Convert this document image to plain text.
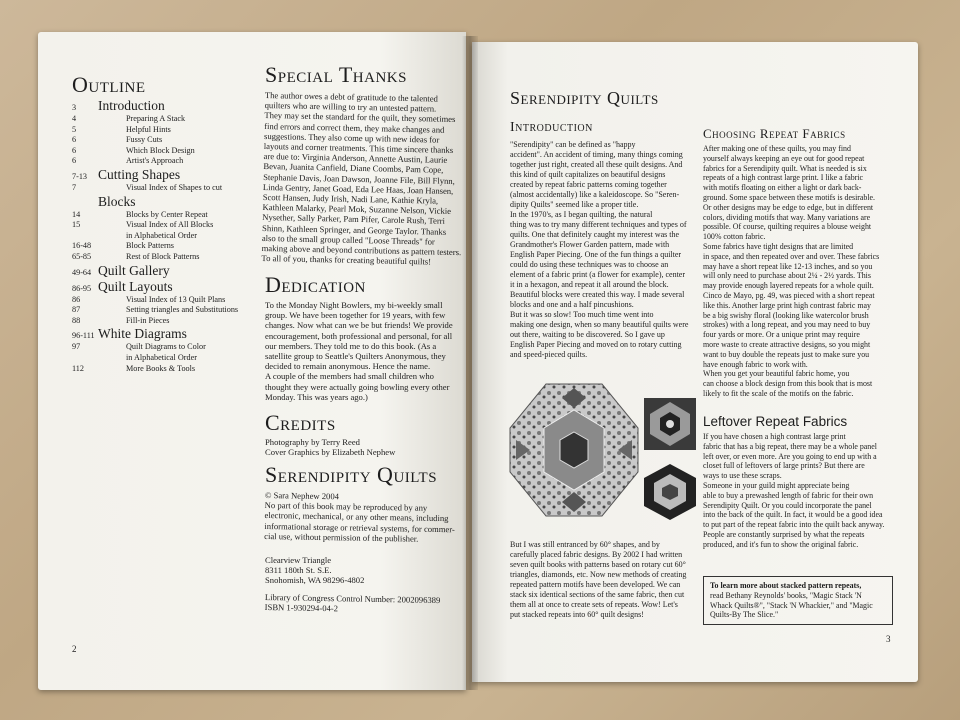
Outline
3 Introduction
4	Preparing A Stack
5	Helpful Hints
6	Fussy Cuts
6	Which Block Design
6	Artist's Approach
7-13 Cutting Shapes
7	Visual Index of Shapes to cut
Blocks
14	Blocks by Center Repeat
15	Visual Index of All Blocks
in Alphabetical Order
16-48	Block Patterns
65-85	Rest of Block Patterns
49-64 Quilt Gallery
86-95 Quilt Layouts
86	Visual Index of 13 Quilt Plans
87	Setting triangles and Substitutions
88	Fill-in Pieces
96-111 White Diagrams
97	Quilt Diagrams to Color
in Alphabetical Order
112	More Books & Tools
Special Thanks
The author owes a debt of gratitude to the talented
quilters who are willing to try an untested pattern.
They may set the standard for the quilt, they sometimes
find errors and correct them, they make changes and
suggestions. They also come up with new ideas for
layouts and corner treatments. This time sincere thanks
are due to: Virginia Anderson, Annette Austin, Laurie
Bevan, Juanita Canfield, Diane Coombs, Pam Cope,
Stephanie Davis, Joan Dawson, Joanne File, Bill Flynn,
Linda Gentry, Janet Goad, Eda Lee Haas, Joan Hansen,
Scott Hansen, Judy Irish, Nadi Lane, Kathie Kryla,
Kathleen Malarky, Pearl Mok, Suzanne Nelson, Vickie
Nysether, Sally Parker, Pam Pifer, Carole Rush, Terri
Shinn, Kathleen Springer, and George Taylor. Thanks
also to the small group called "Loose Threads" for
making above and beyond contributions as pattern testers.
To all of you, thanks for creating beautiful quilts!
Dedication
To the Monday Night Bowlers, my bi-weekly small
group. We have been together for 19 years, with few
changes. Now what can we be but friends! We provide
encouragement, both professional and personal, for all
our members. They told me to do this book. (As a
satellite group to Seattle's Quilters Anonymous, they
decided to remain anonymous. Hence the name.
A couple of the members had small children who
thought they were actually going bowling every other
Monday. This was years ago.)
Credits
Photography by Terry Reed
Cover Graphics by Elizabeth Nephew
Serendipity Quilts
© Sara Nephew 2004
No part of this book may be reproduced by any
electronic, mechanical, or any other means, including
informational storage or retrieval systems, for commer-
cial use, without permission of the publisher.
Clearview Triangle
8311 180th St. S.E.
Snohomish, WA 98296-4802
Library of Congress Control Number: 2002096389
ISBN 1-930294-04-2
2
Serendipity Quilts
Introduction
"Serendipity" can be defined as "happy
accident". An accident of timing, many things coming
together just right, created all these quilt designs. And
this kind of quilt capitalizes on beautiful designs
created by repeat fabric patterns coming together
(almost accidentally) like a kaleidoscope. So "Seren-
dipity Quilts" seemed like a proper title.
In the 1970's, as I began quilting, the natural
thing was to try many different techniques and types of
quilts. One that definitely caught my interest was the
Grandmother's Flower Garden pattern, made with
English Paper Piecing. One of the fun things a quilter
could do using these techniques was to choose an
element of a fabric print (a flower for example), center
it in a hexagon, and repeat it all around the block.
Beautiful blocks were created this way. I made several
blocks and one and a half pincushions.
But it was so slow! Too much time went into
making one design, when so many beautiful quilts were
out there, waiting to be discovered. So I gave up
English Paper Piecing and moved on to rotary cutting
and speed-pieced quilts.
But I was still entranced by 60° shapes, and by
carefully placed fabric designs. By 2002 I had written
seven quilt books with patterns based on rotary cut 60°
triangles, diamonds, etc. Now new methods of creating
repeated pattern motifs have been developed. We can
stack six identical sections of the same fabric, then cut
them all at once to create sets of repeats. Wow! Let's
put stacked repeats into 60° quilt designs!
Choosing Repeat Fabrics
After making one of these quilts, you may find
yourself always keeping an eye out for good repeat
fabrics for a Serendipity quilt. What is needed is six
repeats of a high contrast large print. I like a fabric
with motifs floating on either a light or dark back-
ground. Some space between these motifs is desirable.
Or other designs may be edge to edge, but in different
colors, dividing motifs that way. Many variations are
possible. Of course, quilting requires a blouse weight
100% cotton fabric.
Some fabrics have tight designs that are limited
in space, and then repeated over and over. These fabrics
may have a short repeat like 12-13 inches, and so you
will only need to purchase about 2¼ - 2½ yards. This
may provide enough layered repeats for a whole quilt.
Cinco de Mayo, pg. 49, was pieced with a short repeat
like this. Another large print high contrast fabric may
be a big swishy floral (looking like watercolor brush
strokes) with a long repeat, and you may need to buy
four yards or more. Or a unique print may require
more waste to create attractive designs, so you might
want to buy double the repeats just to make sure you
have enough fabric to work with.
When you get your beautiful fabric home, you
can choose a block design from this book that is most
likely to fit the scale of the motifs on the fabric.
Leftover Repeat Fabrics
If you have chosen a high contrast large print
fabric that has a big repeat, there may be a whole panel
left over, or even more. Are you going to end up with a
closet full of leftovers of large prints? But there are
ways to use these scraps.
Someone in your guild might appreciate being
able to buy a prewashed length of fabric for their own
Serendipity Quilt. Or you could incorporate the panel
into the back of the quilt. In fact, it would be a good idea
to put part of the repeat fabric into the quilt back anyway.
People are constantly surprised by what the repeats
produced, and it's fun to show the original fabric.
To learn more about stacked pattern repeats,
read Bethany Reynolds' books, "Magic Stack 'N
Whack Quilts®", "Stack 'N Whackier," and "Magic
Quilts-By The Slice."
3
